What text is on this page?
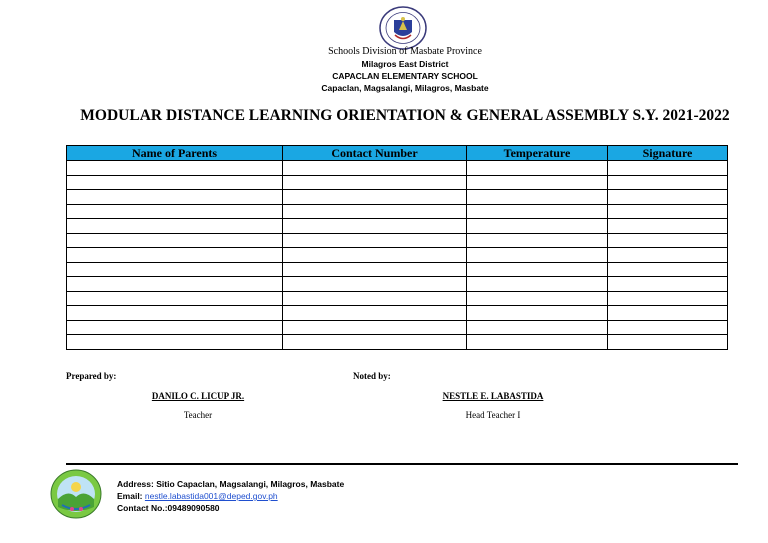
Schools Division of Masbate Province
Milagros East District
CAPACLAN ELEMENTARY SCHOOL
Capaclan, Magsalangi, Milagros, Masbate
MODULAR DISTANCE LEARNING ORIENTATION & GENERAL ASSEMBLY S.Y. 2021-2022
Name of Parents	Contact Number	Temperature	Signature

Prepared by:
DANILO C. LICUP JR.
Teacher
Noted by:
NESTLE E. LABASTIDA
Head Teacher I
Address: Sitio Capaclan, Magsalangi, Milagros, Masbate
Email: nestle.labastida001@deped.gov.ph
Contact No.:09489090580
